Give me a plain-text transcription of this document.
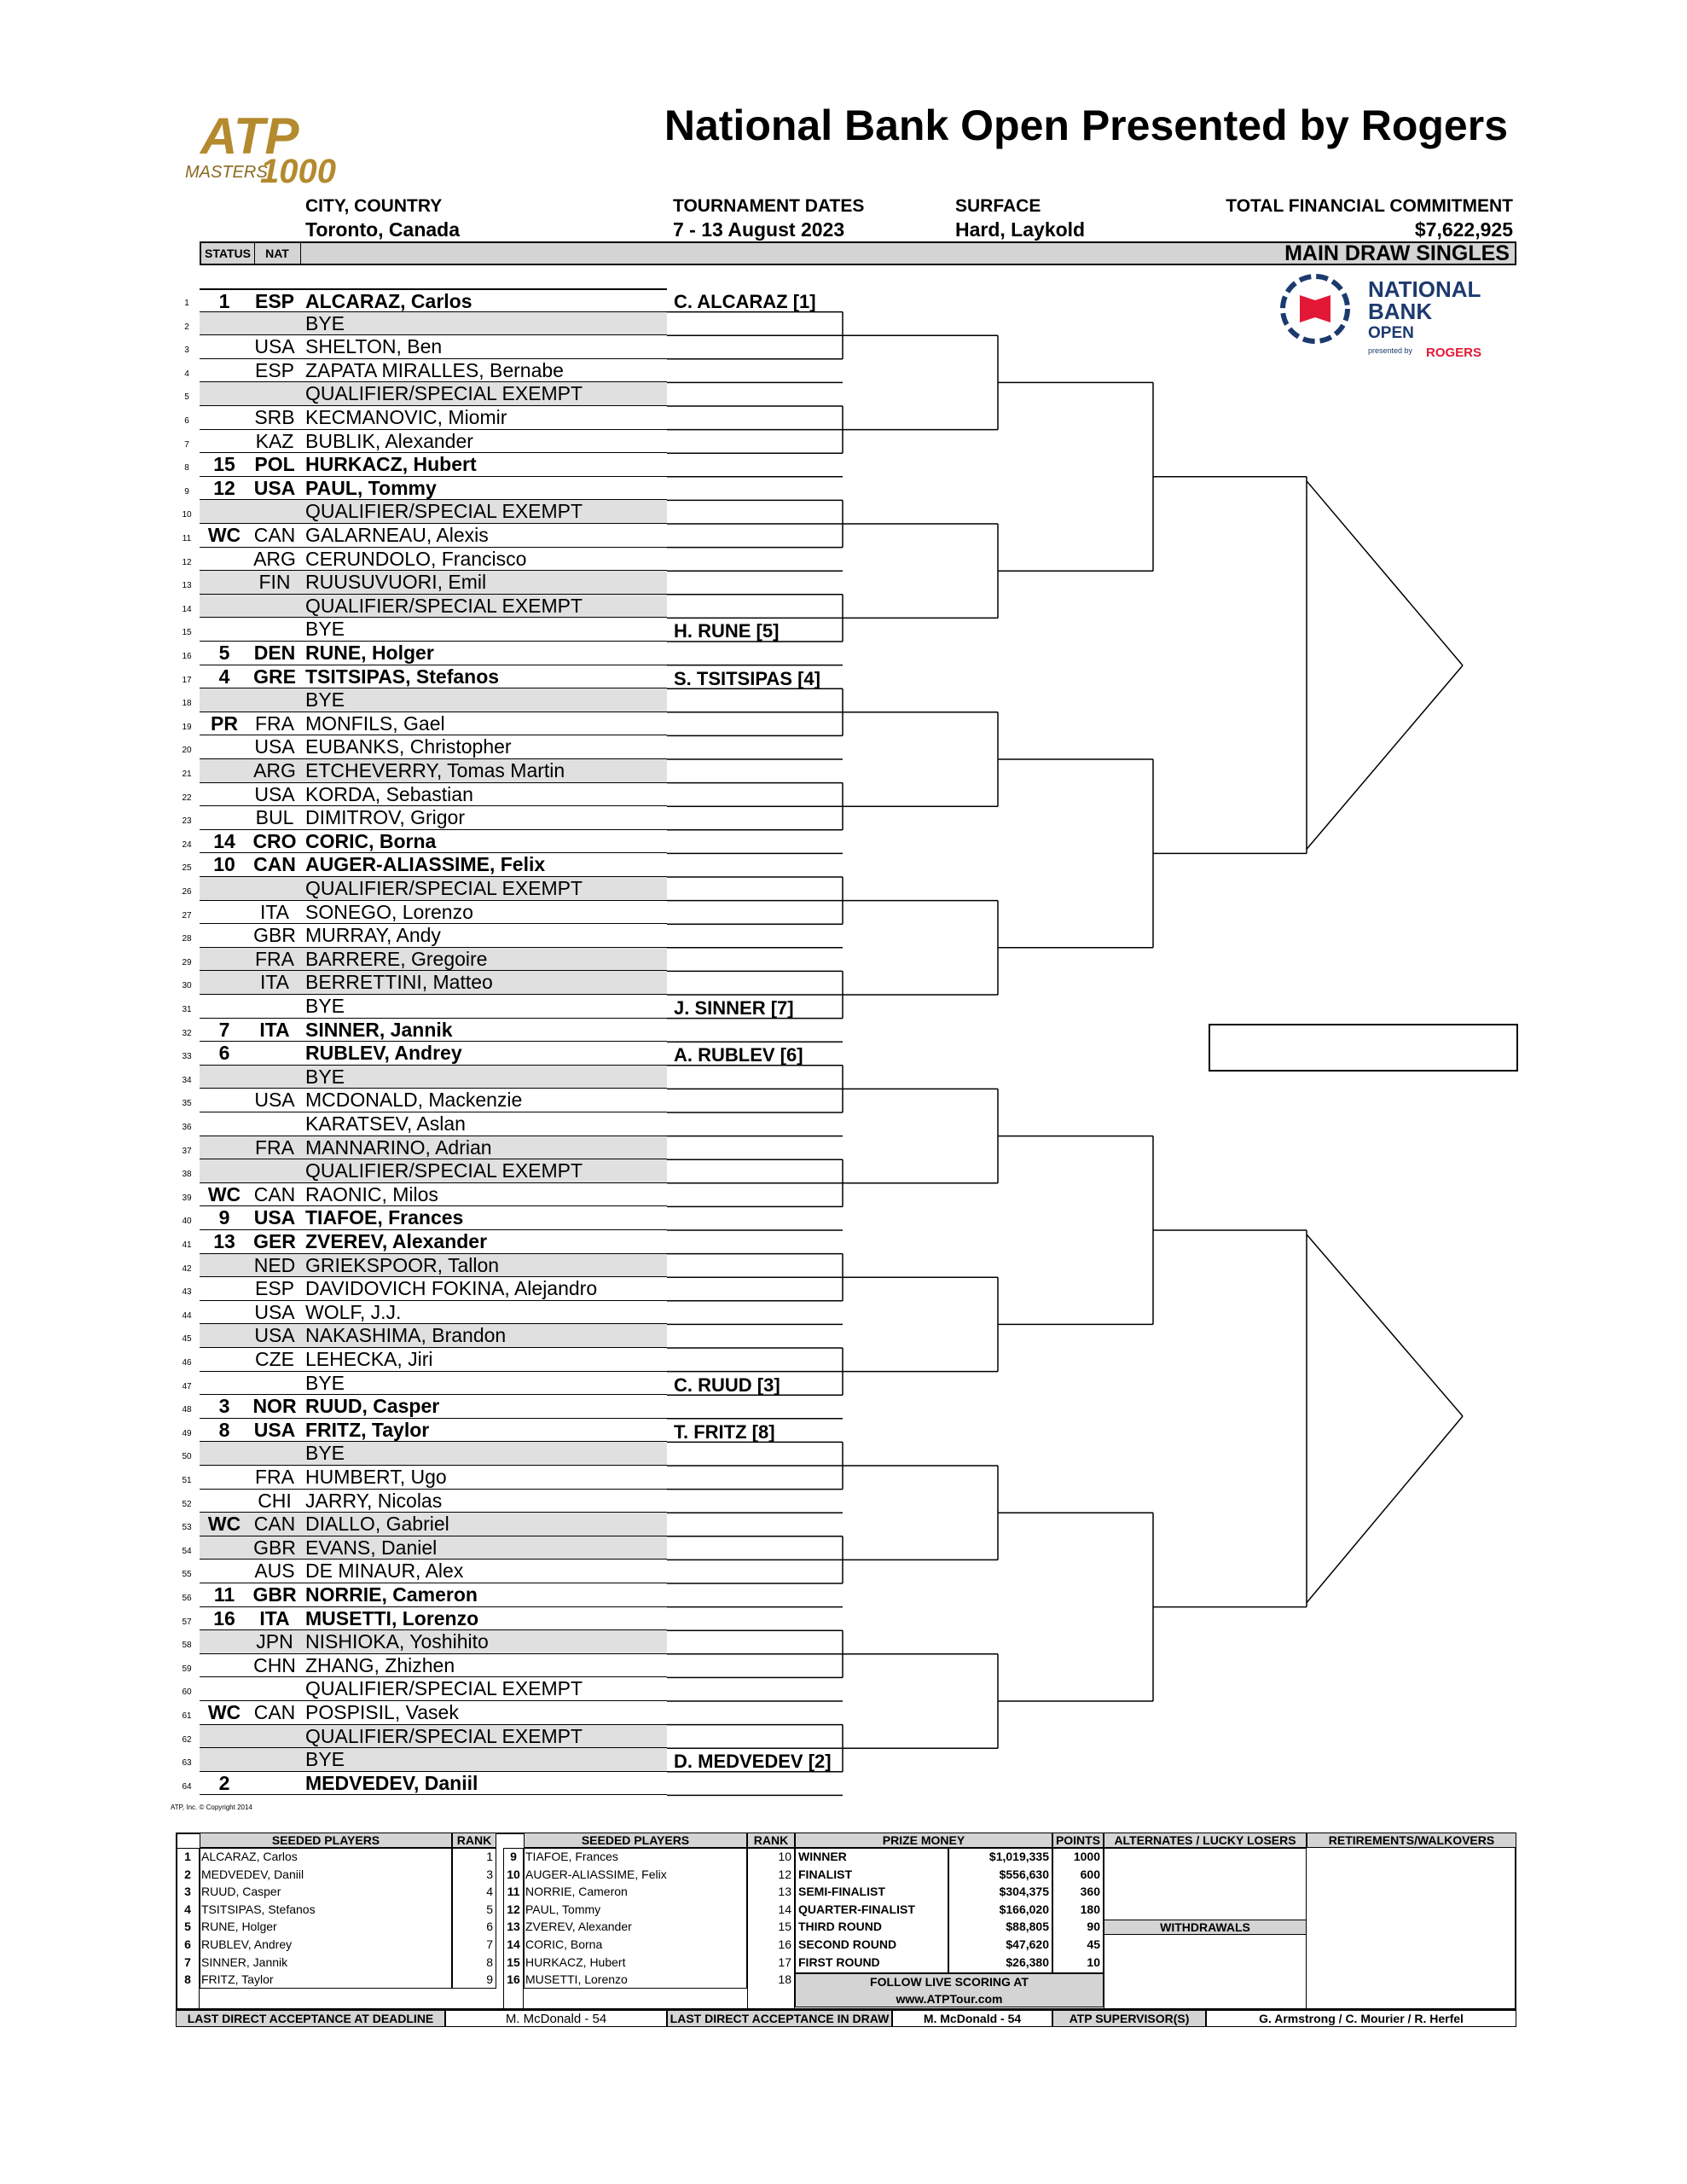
ATP
MASTERS
1000
National Bank Open Presented by Rogers
CITY, COUNTRY
Toronto, Canada
TOURNAMENT DATES
7 - 13 August 2023
SURFACE
Hard, Laykold
TOTAL FINANCIAL COMMITMENT
$7,622,925
STATUS	NAT	MAIN DRAW SINGLES
NATIONAL
BANK
OPEN
presented by ROGERS
1	1	ESP ALCARAZ, Carlos
2	BYE
3	USA SHELTON, Ben
4	ESP ZAPATA MIRALLES, Bernabe
5	QUALIFIER/SPECIAL EXEMPT
6	SRB KECMANOVIC, Miomir
7	KAZ BUBLIK, Alexander
8	15 POL HURKACZ, Hubert
9	12 USA PAUL, Tommy
10	QUALIFIER/SPECIAL EXEMPT
11 WC CAN GALARNEAU, Alexis
12	ARG CERUNDOLO, Francisco
13	FIN RUUSUVUORI, Emil
14	QUALIFIER/SPECIAL EXEMPT
15	BYE
16	5	DEN RUNE, Holger
17	4	GRE TSITSIPAS, Stefanos
18	BYE
19 PR FRA MONFILS, Gael
20	USA EUBANKS, Christopher
21	ARG ETCHEVERRY, Tomas Martin
22	USA KORDA, Sebastian
23	BUL DIMITROV, Grigor
24	14 CRO CORIC, Borna
25	10 CAN AUGER-ALIASSIME, Felix
26	QUALIFIER/SPECIAL EXEMPT
27	ITA SONEGO, Lorenzo
28	GBR MURRAY, Andy
29	FRA BARRERE, Gregoire
30	ITA BERRETTINI, Matteo
31	BYE
32	7	ITA SINNER, Jannik
33	6	RUBLEV, Andrey
34	BYE
35	USA MCDONALD, Mackenzie
36	KARATSEV, Aslan
37	FRA MANNARINO, Adrian
38	QUALIFIER/SPECIAL EXEMPT
39 WC CAN RAONIC, Milos
40	9	USA TIAFOE, Frances
41	13 GER ZVEREV, Alexander
42	NED GRIEKSPOOR, Tallon
43	ESP DAVIDOVICH FOKINA, Alejandro
44	USA WOLF, J.J.
45	USA NAKASHIMA, Brandon
46	CZE LEHECKA, Jiri
47	BYE
48	3	NOR RUUD, Casper
49	8	USA FRITZ, Taylor
50	BYE
51	FRA HUMBERT, Ugo
52	CHI JARRY, Nicolas
53 WC CAN DIALLO, Gabriel
54	GBR EVANS, Daniel
55	AUS DE MINAUR, Alex
56	11 GBR NORRIE, Cameron
57	16	ITA MUSETTI, Lorenzo
58	JPN NISHIOKA, Yoshihito
59	CHN ZHANG, Zhizhen
60	QUALIFIER/SPECIAL EXEMPT
61 WC CAN POSPISIL, Vasek
62	QUALIFIER/SPECIAL EXEMPT
63	BYE
64	2	MEDVEDEV, Daniil
C. ALCARAZ [1]
H. RUNE [5]
S. TSITSIPAS [4]
J. SINNER [7]
A. RUBLEV [6]
C. RUUD [3]
T. FRITZ [8]
D. MEDVEDEV [2]
ATP, Inc. © Copyright 2014
SEEDED PLAYERS	RANK
1 ALCARAZ, Carlos	1
2 MEDVEDEV, Daniil	3
3 RUUD, Casper	4
4 TSITSIPAS, Stefanos	5
5 RUNE, Holger	6
6 RUBLEV, Andrey	7
7 SINNER, Jannik	8
8 FRITZ, Taylor	9
SEEDED PLAYERS	RANK
9 TIAFOE, Frances	10
10 AUGER-ALIASSIME, Felix	12
11 NORRIE, Cameron	13
12 PAUL, Tommy	14
13 ZVEREV, Alexander	15
14 CORIC, Borna	16
15 HURKACZ, Hubert	17
16 MUSETTI, Lorenzo	18
PRIZE MONEY	POINTS
WINNER	$1,019,335	1000
FINALIST	$556,630	600
SEMI-FINALIST	$304,375	360
QUARTER-FINALIST	$166,020	180
THIRD ROUND	$88,805	90
SECOND ROUND	$47,620	45
FIRST ROUND	$26,380	10
FOLLOW LIVE SCORING AT
www.ATPTour.com
ALTERNATES / LUCKY LOSERS	RETIREMENTS/WALKOVERS
WITHDRAWALS
LAST DIRECT ACCEPTANCE AT DEADLINE	M. McDonald - 54	LAST DIRECT ACCEPTANCE IN DRAW	M. McDonald - 54	ATP SUPERVISOR(S)	G. Armstrong / C. Mourier / R. Herfel
